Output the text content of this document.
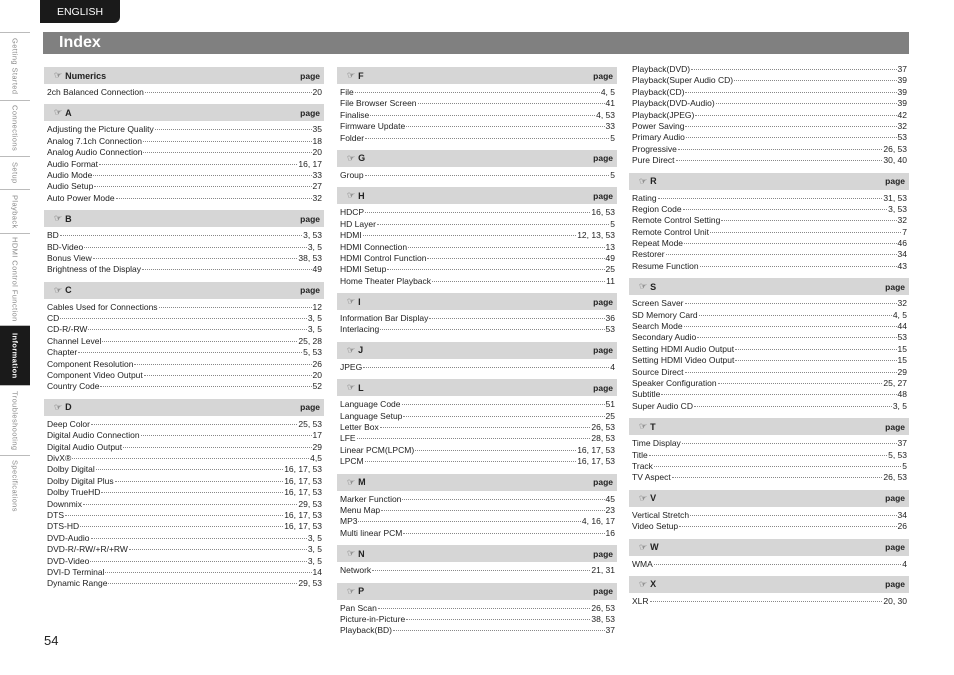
ENGLISH
Index
Getting Started
Connections
Setup
Playback
HDMI Control Function
Information
Troubleshooting
Specifications
☞ Numerics	page
2ch Balanced Connection	20
☞ A	page
Adjusting the Picture Quality	35
Analog 7.1ch Connection	18
Analog Audio Connection	20
Audio Format	16, 17
Audio Mode	33
Audio Setup	27
Auto Power Mode	32
☞ B	page
BD	3, 53
BD-Video	3, 5
Bonus View	38, 53
Brightness of the Display	49
☞ C	page
Cables Used for Connections	12
CD	3, 5
CD-R/-RW	3, 5
Channel Level	25, 28
Chapter	5, 53
Component Resolution	26
Component Video Output	20
Country Code	52
☞ D	page
Deep Color	25, 53
Digital Audio Connection	17
Digital Audio Output	29
DivX®	4,5
Dolby Digital	16, 17, 53
Dolby Digital Plus	16, 17, 53
Dolby TrueHD	16, 17, 53
Downmix	29, 53
DTS	16, 17, 53
DTS-HD	16, 17, 53
DVD-Audio	3, 5
DVD-R/-RW/+R/+RW	3, 5
DVD-Video	3, 5
DVI-D Terminal	14
Dynamic Range	29, 53
☞ F	page
File	4, 5
File Browser Screen	41
Finalise	4, 53
Firmware Update	33
Folder	5
☞ G	page
Group	5
☞ H	page
HDCP	16, 53
HD Layer	5
HDMI	12, 13, 53
HDMI Connection	13
HDMI Control Function	49
HDMI Setup	25
Home Theater Playback	11
☞ I	page
Information Bar Display	36
Interlacing	53
☞ J	page
JPEG	4
☞ L	page
Language Code	51
Language Setup	25
Letter Box	26, 53
LFE	28, 53
Linear PCM(LPCM)	16, 17, 53
LPCM	16, 17, 53
☞ M	page
Marker Function	45
Menu Map	23
MP3	4, 16, 17
Multi linear PCM	16
☞ N	page
Network	21, 31
☞ P	page
Pan Scan	26, 53
Picture-in-Picture	38, 53
Playback(BD)	37
Playback(DVD)	37
Playback(Super Audio CD)	39
Playback(CD)	39
Playback(DVD-Audio)	39
Playback(JPEG)	42
Power Saving	32
Primary Audio	53
Progressive	26, 53
Pure Direct	30, 40
☞ R	page
Rating	31, 53
Region Code	3, 53
Remote Control Setting	32
Remote Control Unit	7
Repeat Mode	46
Restorer	34
Resume Function	43
☞ S	page
Screen Saver	32
SD Memory Card	4, 5
Search Mode	44
Secondary Audio	53
Setting HDMI Audio Output	15
Setting HDMI Video Output	15
Source Direct	29
Speaker Configuration	25, 27
Subtitle	48
Super Audio CD	3, 5
☞ T	page
Time Display	37
Title	5, 53
Track	5
TV Aspect	26, 53
☞ V	page
Vertical Stretch	34
Video Setup	26
☞ W	page
WMA	4
☞ X	page
XLR	20, 30
54
